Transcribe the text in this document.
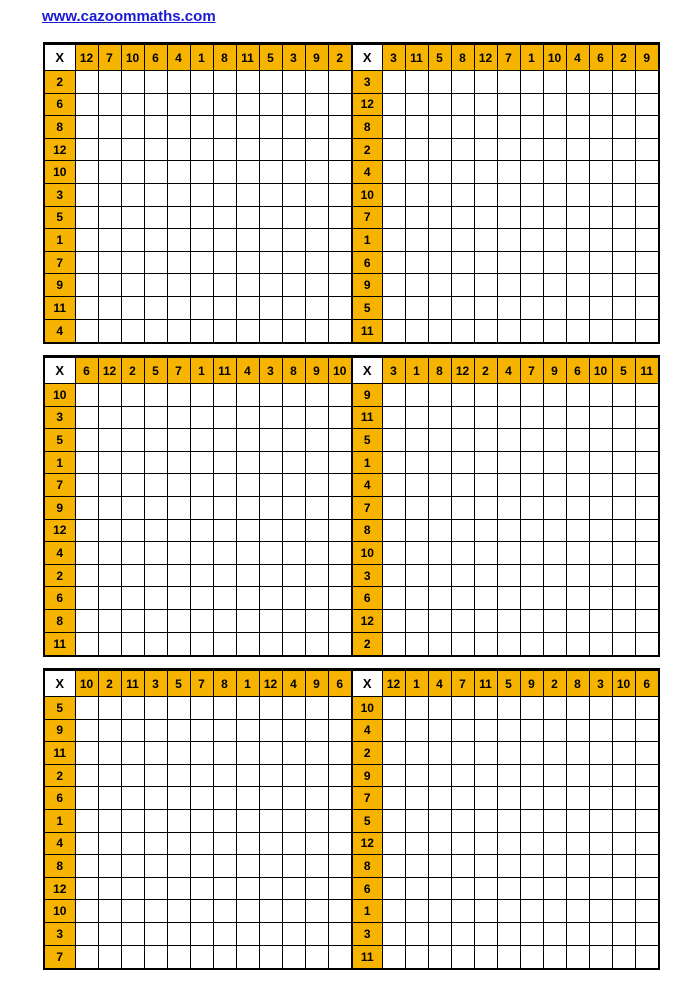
www.cazoommaths.com
X	12	7	10	6	4	1	8	11	5	3	9	2
2												
6												
8												
12												
10												
3												
5												
1												
7												
9												
11												
4												
X	3	11	5	8	12	7	1	10	4	6	2	9
3												
12												
8												
2												
4												
10												
7												
1												
6												
9												
5												
11												
X	6	12	2	5	7	1	11	4	3	8	9	10
10												
3												
5												
1												
7												
9												
12												
4												
2												
6												
8												
11												
X	3	1	8	12	2	4	7	9	6	10	5	11
9												
11												
5												
1												
4												
7												
8												
10												
3												
6												
12												
2												
X	10	2	11	3	5	7	8	1	12	4	9	6
5												
9												
11												
2												
6												
1												
4												
8												
12												
10												
3												
7												
X	12	1	4	7	11	5	9	2	8	3	10	6
10												
4												
2												
9												
7												
5												
12												
8												
6												
1												
3												
11												
